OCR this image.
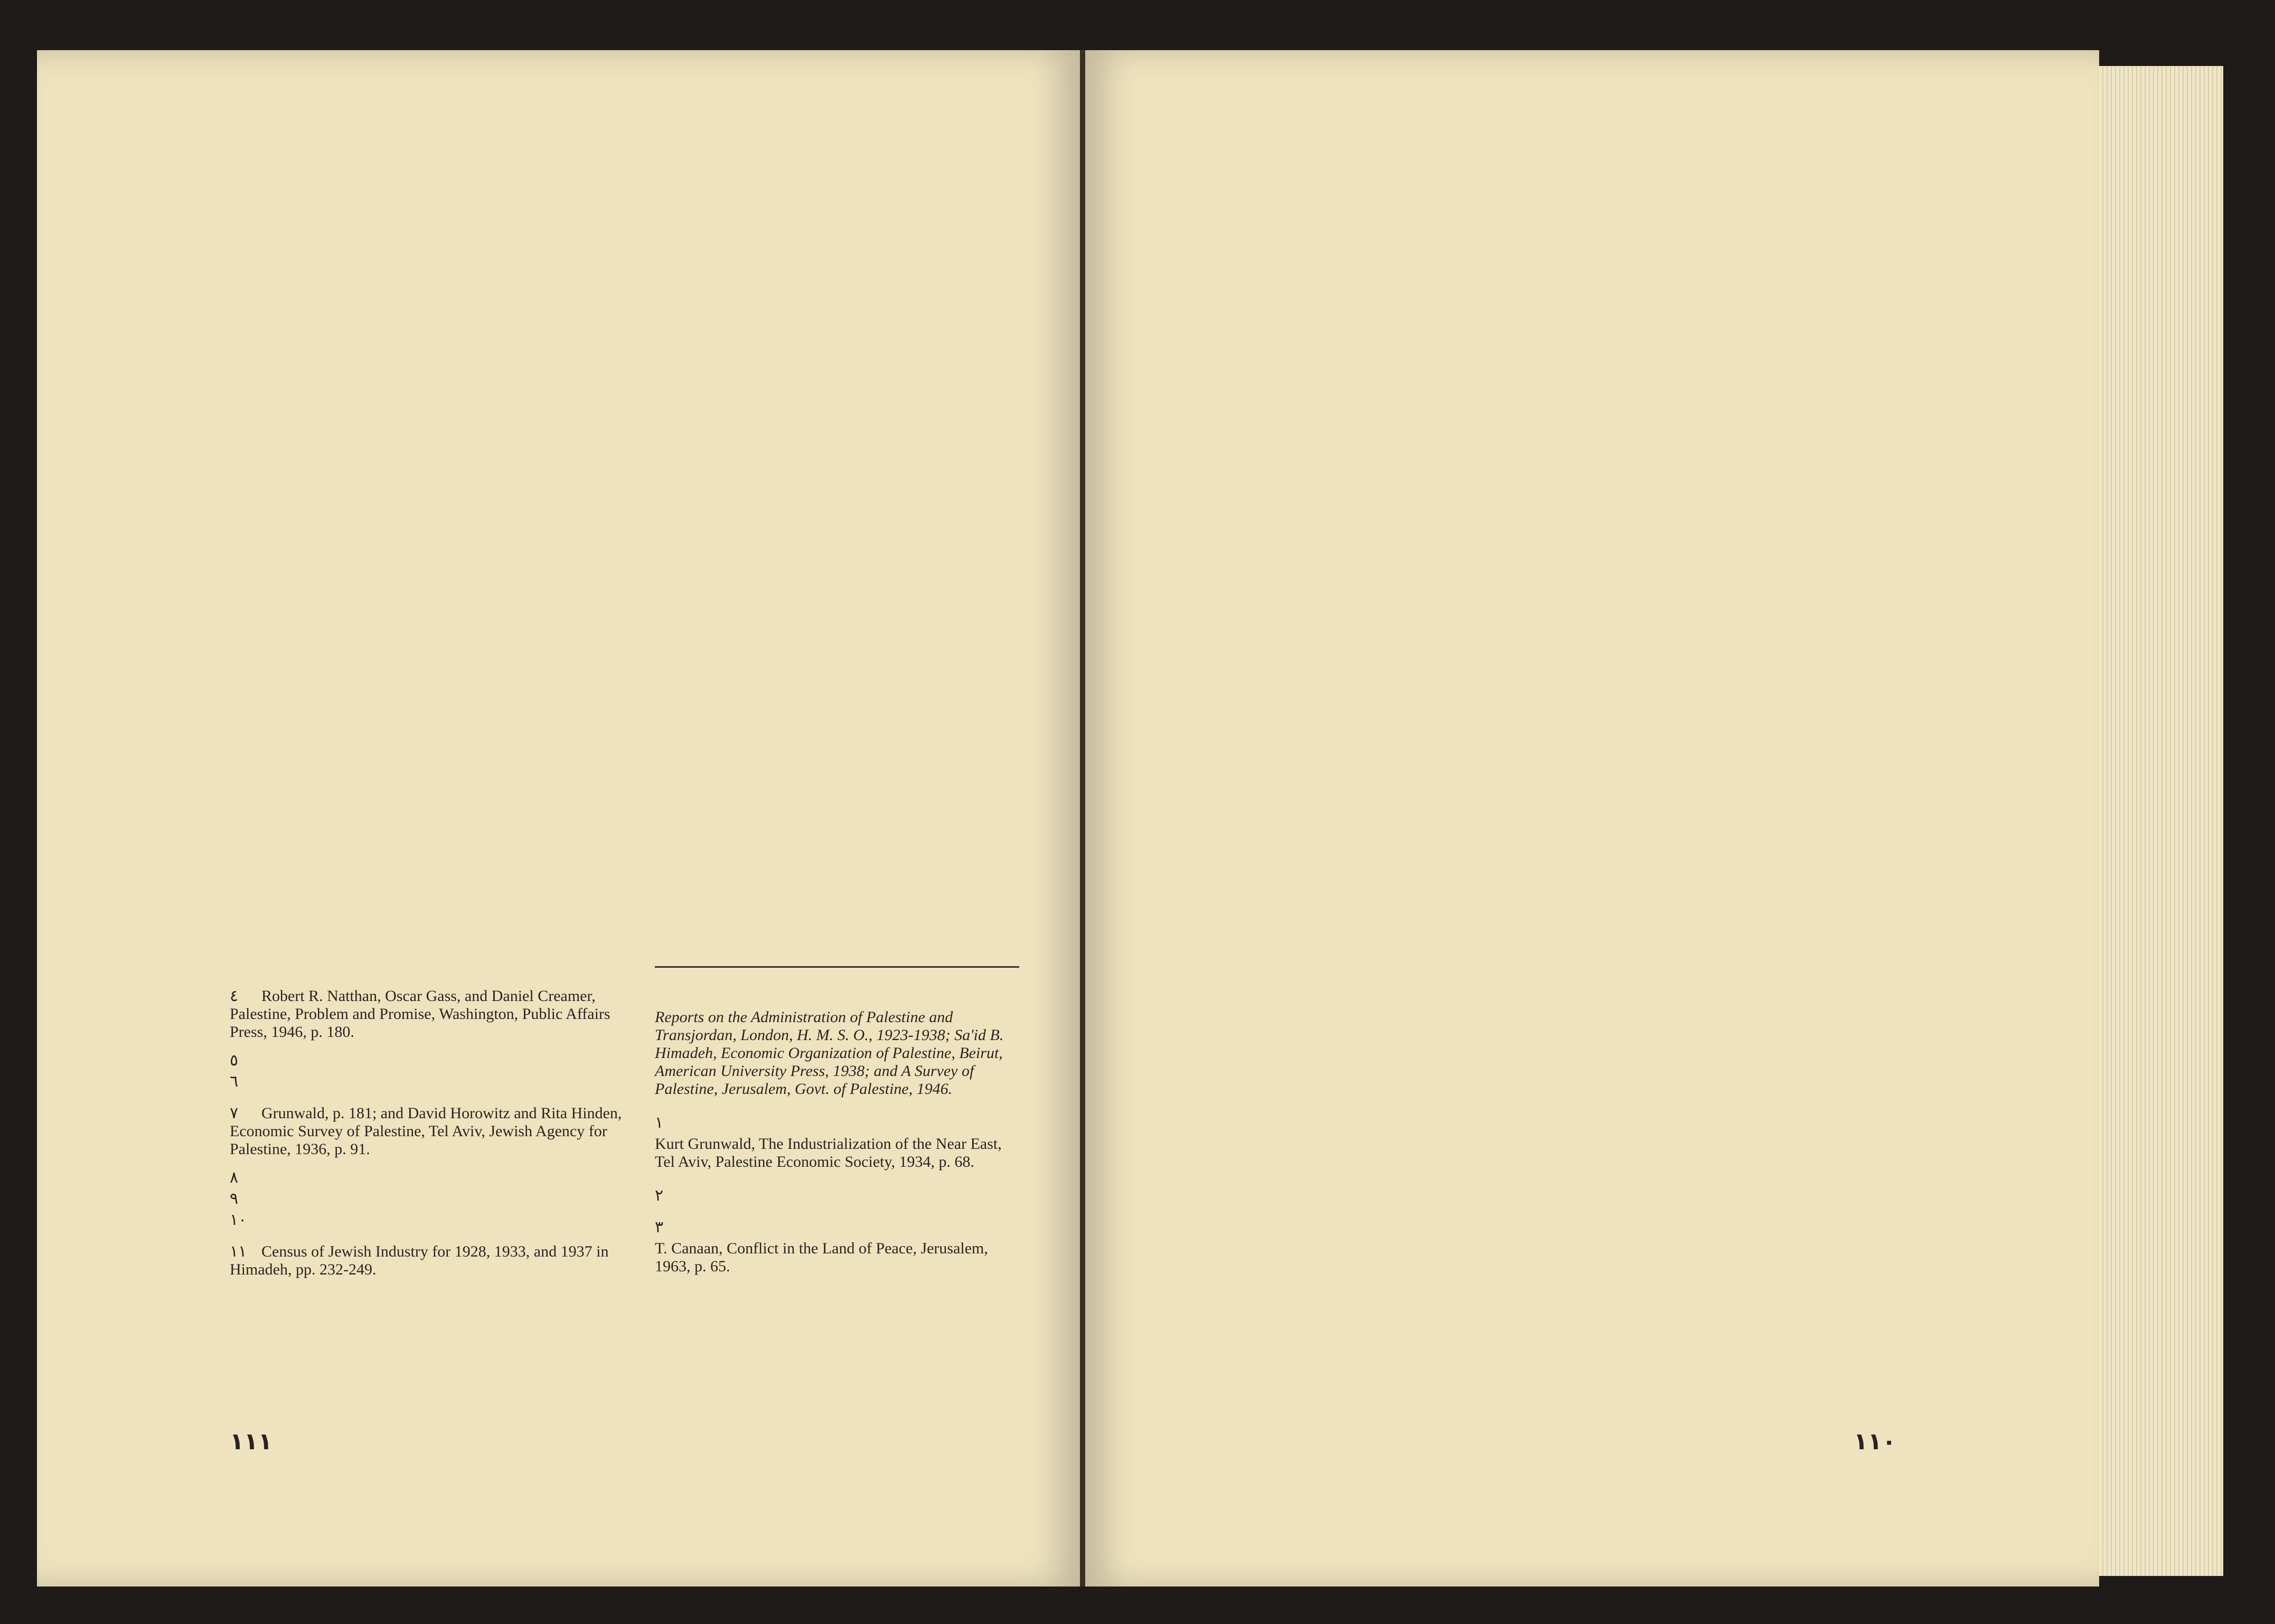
Reports on the Administration of Palestine and Transjordan, London, H. M. S. O., 1923-1938; Sa'id B. Himadeh, Economic Organization of Palestine, Beirut, American University Press, 1938; and A Survey of Palestine, Jerusalem, Govt. of Palestine, 1946.
١
Kurt Grunwald, The Industrialization of the Near East, Tel Aviv, Palestine Economic Society, 1934, p. 68.
٢
٣
T. Canaan, Conflict in the Land of Peace, Jerusalem, 1963, p. 65.
٤ Robert R. Natthan, Oscar Gass, and Daniel Creamer, Palestine, Problem and Promise, Washington, Public Affairs Press, 1946, p. 180.
٥
٦
٧ Grunwald, p. 181; and David Horowitz and Rita Hinden, Economic Survey of Palestine, Tel Aviv, Jewish Agency for Palestine, 1936, p. 91.
٨
٩
١٠
١١ Census of Jewish Industry for 1928, 1933, and 1937 in Himadeh, pp. 232-249.
١١١	١١٠
